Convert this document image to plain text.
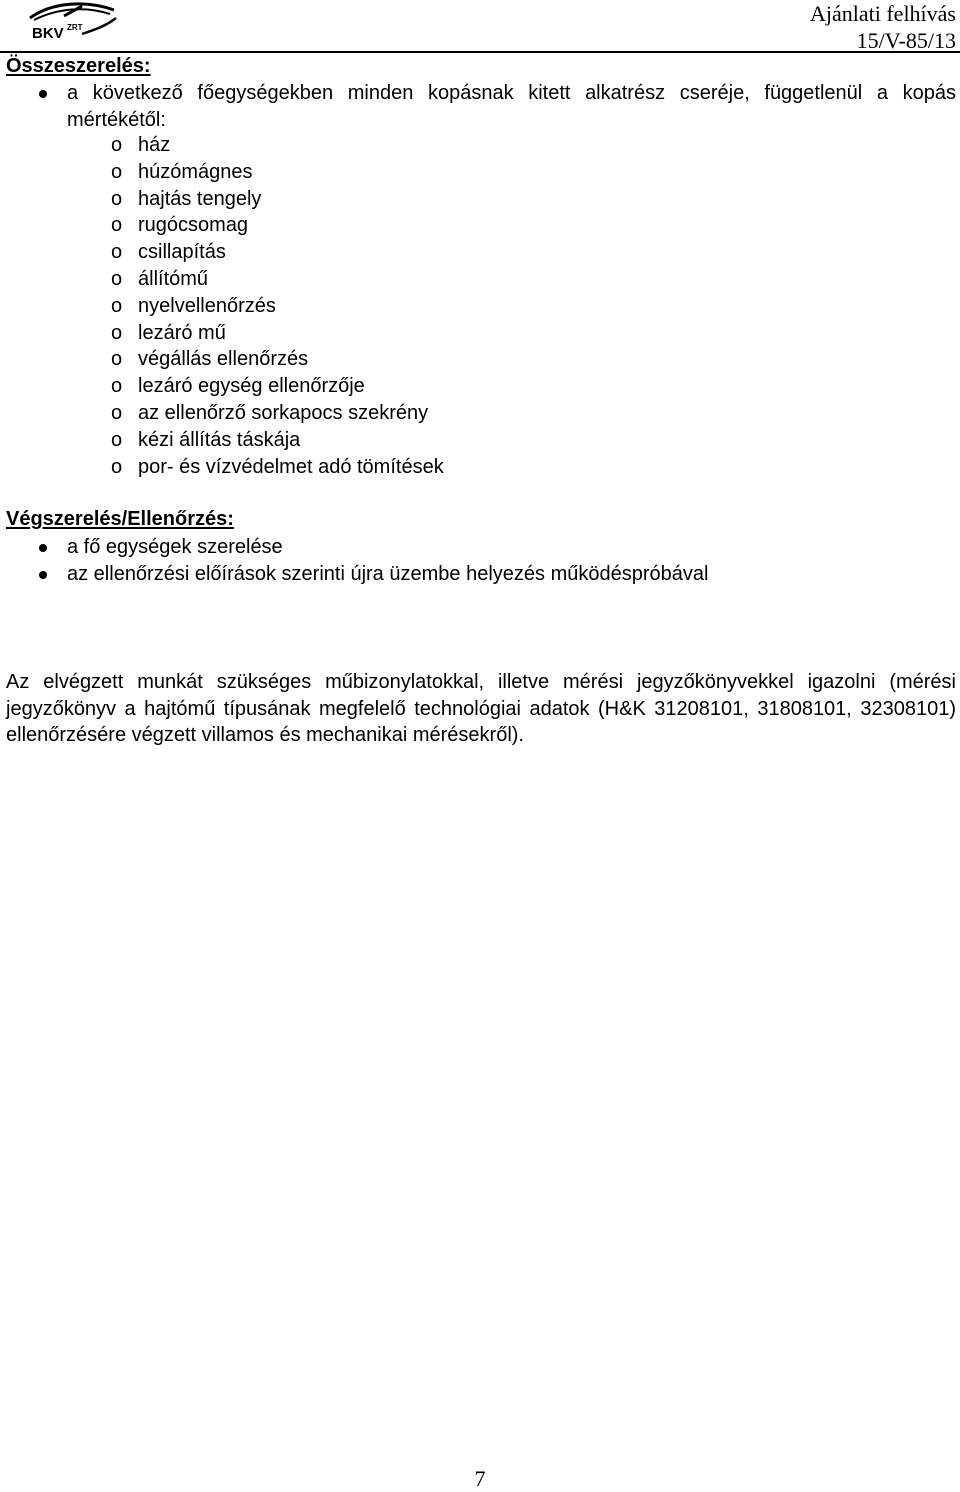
BKV ZRT
Ajánlati felhívás
15/V-85/13
Összeszerelés:
a következő főegységekben minden kopásnak kitett alkatrész cseréje, függetlenül a kopás mértékétől:
o ház
o húzómágnes
o hajtás tengely
o rugócsomag
o csillapítás
o állítómű
o nyelvellenőrzés
o lezáró mű
o végállás ellenőrzés
o lezáró egység ellenőrzője
o az ellenőrző sorkapocs szekrény
o kézi állítás táskája
o por- és vízvédelmet adó tömítések
Végszerelés/Ellenőrzés:
a fő egységek szerelése
az ellenőrzési előírások szerinti újra üzembe helyezés működéspróbával

Az elvégzett munkát szükséges műbizonylatokkal, illetve mérési jegyzőkönyvekkel igazolni (mérési jegyzőkönyv a hajtómű típusának megfelelő technológiai adatok (H&K 31208101, 31808101, 32308101) ellenőrzésére végzett villamos és mechanikai mérésekről).

7
